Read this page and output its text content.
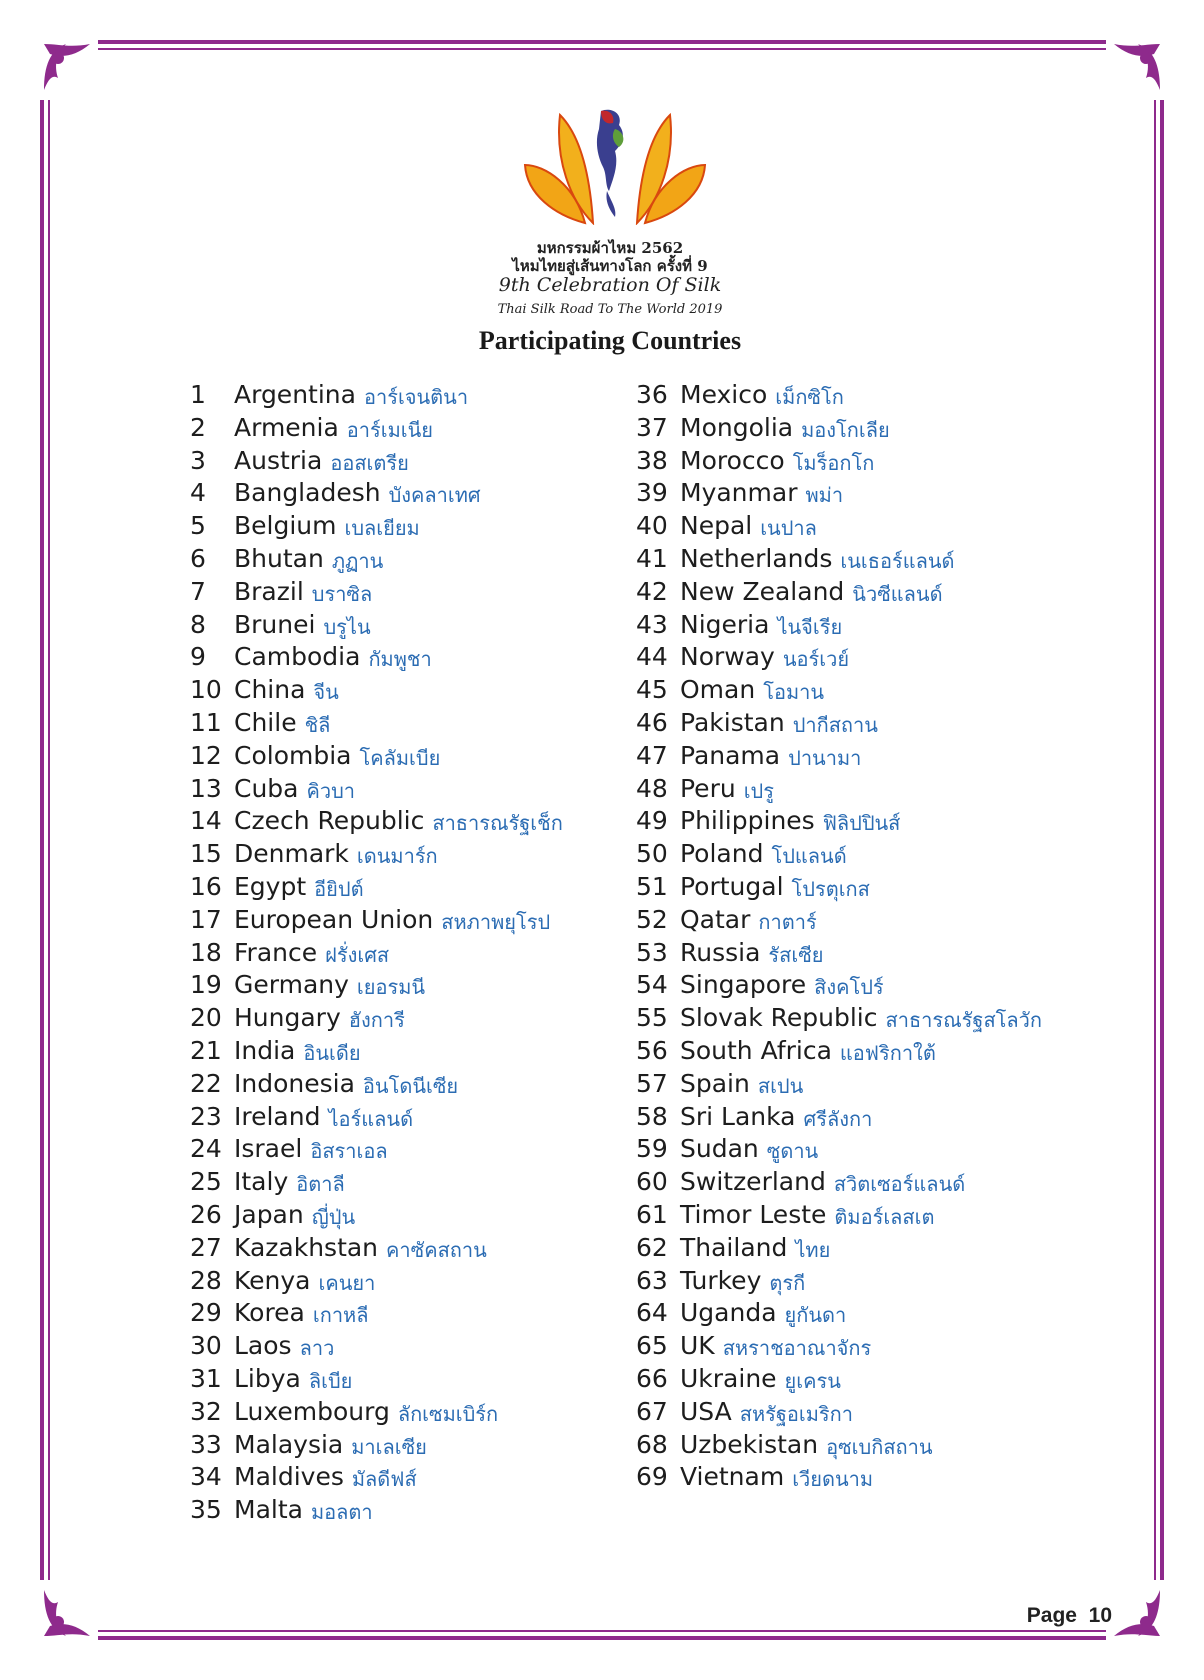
มหกรรมผ้าไหม 2562
ไหมไทยสู่เส้นทางโลก ครั้งที่ 9
9th Celebration Of Silk
Thai Silk Road To The World 2019
Participating Countries
1 Argentina อาร์เจนตินา
2 Armenia อาร์เมเนีย
3 Austria ออสเตรีย
4 Bangladesh บังคลาเทศ
5 Belgium เบลเยียม
6 Bhutan ภูฏาน
7 Brazil บราซิล
8 Brunei บรูไน
9 Cambodia กัมพูชา
10 China จีน
11 Chile ชิลี
12 Colombia โคลัมเบีย
13 Cuba คิวบา
14 Czech Republic สาธารณรัฐเช็ก
15 Denmark เดนมาร์ก
16 Egypt อียิปต์
17 European Union สหภาพยุโรป
18 France ฝรั่งเศส
19 Germany เยอรมนี
20 Hungary ฮังการี
21 India อินเดีย
22 Indonesia อินโดนีเซีย
23 Ireland ไอร์แลนด์
24 Israel อิสราเอล
25 Italy อิตาลี
26 Japan ญี่ปุ่น
27 Kazakhstan คาซัคสถาน
28 Kenya เคนยา
29 Korea เกาหลี
30 Laos ลาว
31 Libya ลิเบีย
32 Luxembourg ลักเซมเบิร์ก
33 Malaysia มาเลเซีย
34 Maldives มัลดีฟส์
35 Malta มอลตา
36 Mexico เม็กซิโก
37 Mongolia มองโกเลีย
38 Morocco โมร็อกโก
39 Myanmar พม่า
40 Nepal เนปาล
41 Netherlands เนเธอร์แลนด์
42 New Zealand นิวซีแลนด์
43 Nigeria ไนจีเรีย
44 Norway นอร์เวย์
45 Oman โอมาน
46 Pakistan ปากีสถาน
47 Panama ปานามา
48 Peru เปรู
49 Philippines ฟิลิปปินส์
50 Poland โปแลนด์
51 Portugal โปรตุเกส
52 Qatar กาตาร์
53 Russia รัสเซีย
54 Singapore สิงคโปร์
55 Slovak Republic สาธารณรัฐสโลวัก
56 South Africa แอฟริกาใต้
57 Spain สเปน
58 Sri Lanka ศรีลังกา
59 Sudan ซูดาน
60 Switzerland สวิตเซอร์แลนด์
61 Timor Leste ติมอร์เลสเต
62 Thailand ไทย
63 Turkey ตุรกี
64 Uganda ยูกันดา
65 UK สหราชอาณาจักร
66 Ukraine ยูเครน
67 USA สหรัฐอเมริกา
68 Uzbekistan อุซเบกิสถาน
69 Vietnam เวียดนาม
Page 10
